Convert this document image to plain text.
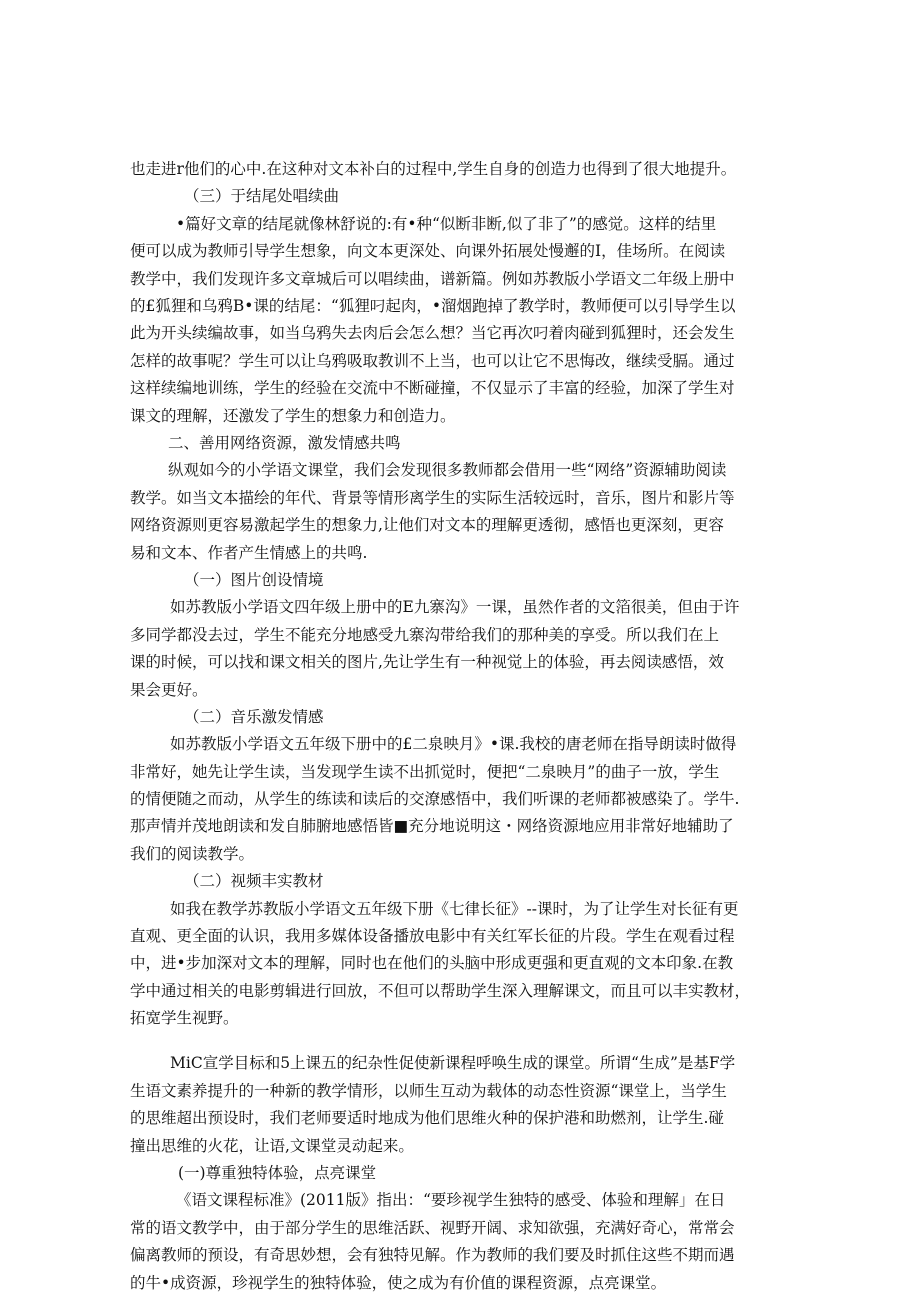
也走进r他们的心中.在这种对文本补白的过程中,学生自身的创造力也得到了很大地提升。
（三）于结尾处唱续曲
•篇好文章的结尾就像林舒说的:有•种“似断非断,似了非了”的感觉。这样的结里
便可以成为教师引导学生想象，向文本更深处、向课外拓展处慢邂的I，佳场所。在阅读
教学中，我们发现许多文章城后可以唱续曲，谱新篇。例如苏教版小学语文二年级上册中
的£狐狸和乌鸦B•课的结尾：“狐狸叼起肉，•溜烟跑掉了教学时，教师便可以引导学生以
此为开头续编故事，如当乌鸦失去肉后会怎么想？当它再次叼着肉碰到狐狸时，还会发生
怎样的故事呢？学生可以让乌鸦吸取教训不上当，也可以让它不思悔改，继续受膈。通过
这样续编地训练，学生的经验在交流中不断碰撞，不仅显示了丰富的经验，加深了学生对
课文的理解，还激发了学生的想象力和创造力。
二、善用网络资源，激发情感共鸣
纵观如今的小学语文课堂，我们会发现很多教师都会借用一些“网络”资源辅助阅读
教学。如当文本描绘的年代、背景等情形离学生的实际生活较远时，音乐，图片和影片等
网络资源则更容易激起学生的想象力,让他们对文本的理解更透彻，感悟也更深刻，更容
易和文本、作者产生情感上的共鸣.
（一）图片创设情境
如苏教版小学语文四年级上册中的E九寨沟》一课，虽然作者的文箔很美，但由于许
多同学都没去过，学生不能充分地感受九寨沟带给我们的那种美的享受。所以我们在上
课的时候，可以找和课文相关的图片,先让学生有一种视觉上的体验，再去阅读感悟，效
果会更好。
（二）音乐激发情感
如苏教版小学语文五年级下册中的£二泉映月》•课.我校的唐老师在指导朗读时做得
非常好，她先让学生读，当发现学生读不出抓觉时，便把“二泉映月”的曲子一放，学生
的情便随之而动，从学生的练读和读后的交潦感悟中，我们听课的老师都被感染了。学牛.
那声情并茂地朗读和发自肺腑地感悟皆■充分地说明这・网络资源地应用非常好地辅助了
我们的阅读教学。
（二）视频丰实教材
如我在教学苏教版小学语文五年级下册《七律长征》--课时，为了让学生对长征有更
直观、更全面的认识，我用多媒体设备播放电影中有关红军长征的片段。学生在观看过程
中，进•步加深对文本的理解，同时也在他们的头脑中形成更强和更直观的文本印象.在教
学中通过相关的电影剪辑进行回放，不但可以帮助学生深入理解课文，而且可以丰实教材，
拓宽学生视野。
MiC宣学目标和5上课五的纪杂性促使新课程呼唤生成的课堂。所谓“生成”是基F学
生语文素养提升的一种新的教学情形，以师生互动为载体的动态性资源“课堂上，当学生
的思维超出预设时，我们老师要适时地成为他们思维火种的保护港和助燃剂，让学生.碰
撞出思维的火花，让语,文课堂灵动起来。
(一)尊重独特体验，点亮课堂
《语文课程标准》(2011版》指出：“要珍视学生独特的感受、体验和理解」在日
常的语文教学中，由于部分学生的思维活跃、视野开阔、求知欲强，充满好奇心，常常会
偏离教师的预设，有奇思妙想，会有独特见解。作为教师的我们要及时抓住这些不期而遇
的牛•成资源，珍视学生的独特体验，使之成为有价值的课程资源，点亮课堂。
